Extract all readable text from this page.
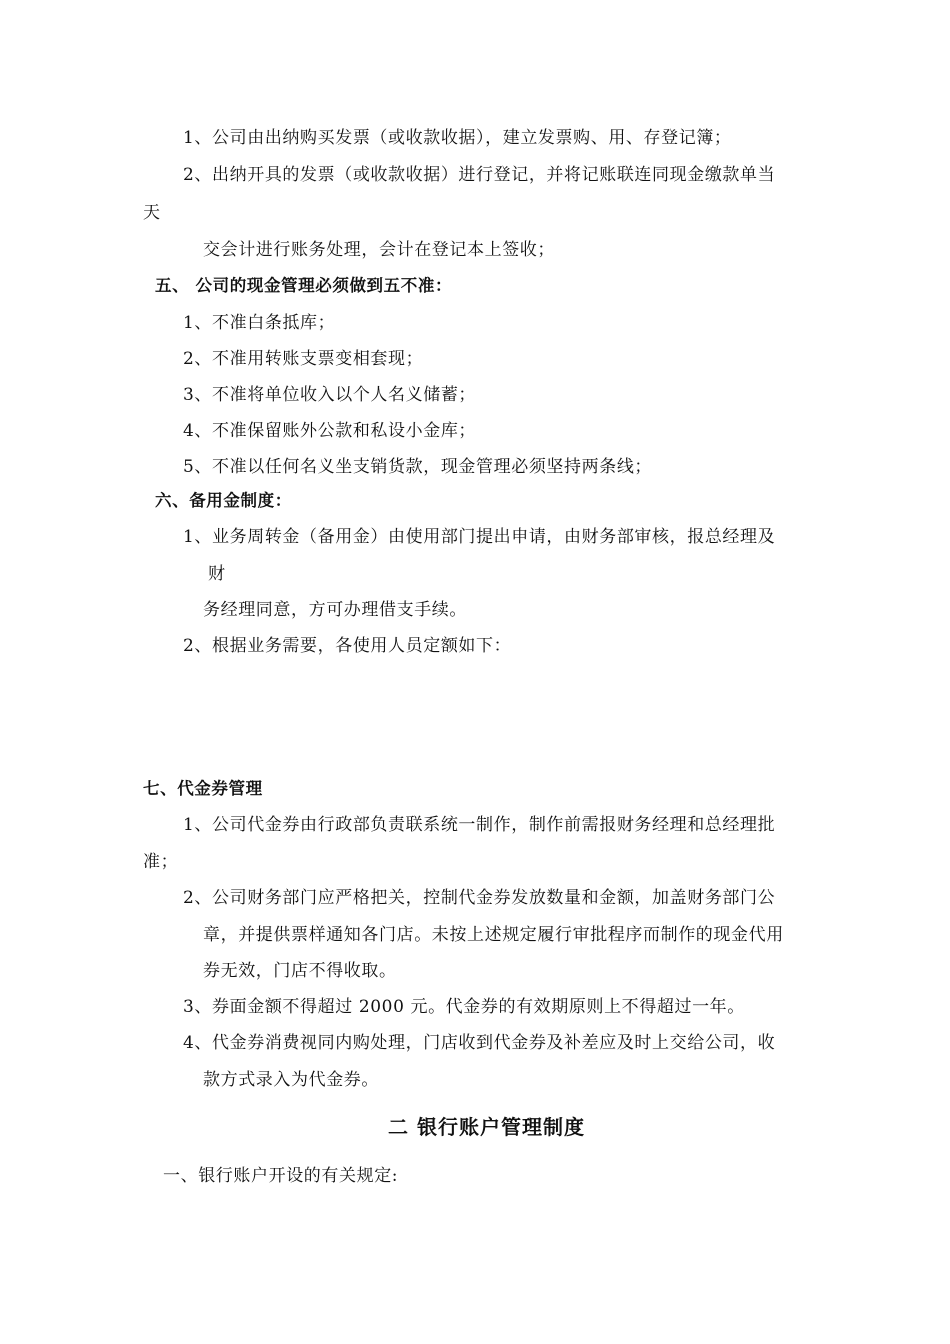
1、公司由出纳购买发票（或收款收据），建立发票购、用、存登记簿；
2、出纳开具的发票（或收款收据）进行登记，并将记账联连同现金缴款单当
天
交会计进行账务处理，会计在登记本上签收；
五、 公司的现金管理必须做到五不准：
1、不准白条抵库；
2、不准用转账支票变相套现；
3、不准将单位收入以个人名义储蓄；
4、不准保留账外公款和私设小金库；
5、不准以任何名义坐支销货款，现金管理必须坚持两条线；
六、备用金制度：
1、业务周转金（备用金）由使用部门提出申请，由财务部审核，报总经理及
财
务经理同意，方可办理借支手续。
2、根据业务需要，各使用人员定额如下：
七、代金券管理
1、公司代金券由行政部负责联系统一制作，制作前需报财务经理和总经理批
准；
2、公司财务部门应严格把关，控制代金券发放数量和金额，加盖财务部门公
章，并提供票样通知各门店。未按上述规定履行审批程序而制作的现金代用
券无效，门店不得收取。
3、券面金额不得超过 2000 元。代金券的有效期原则上不得超过一年。
4、代金券消费视同内购处理，门店收到代金券及补差应及时上交给公司，收
款方式录入为代金券。
二 银行账户管理制度
一、银行账户开设的有关规定:
